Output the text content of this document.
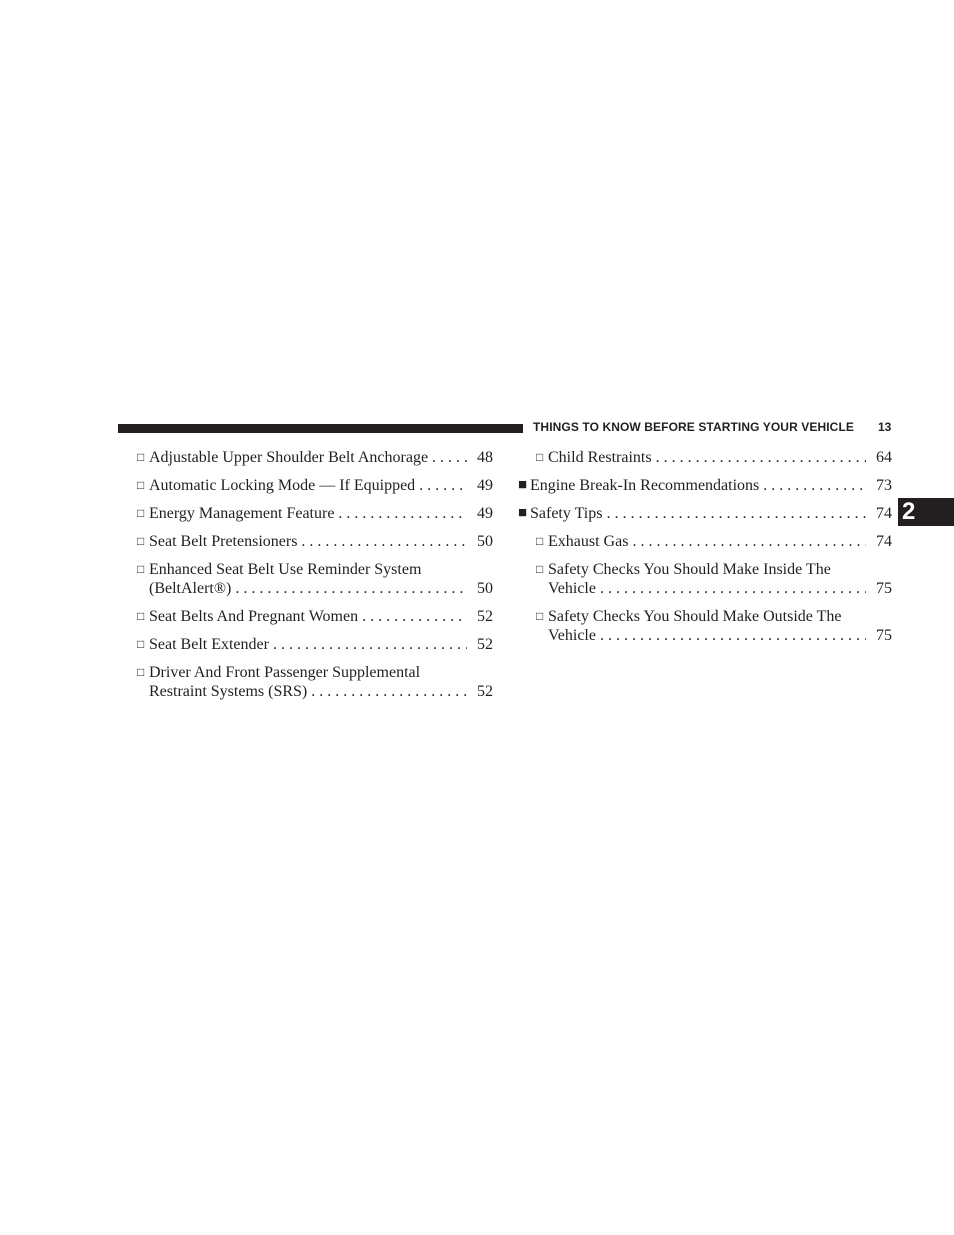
THINGS TO KNOW BEFORE STARTING YOUR VEHICLE 13
2
□ Adjustable Upper Shoulder Belt Anchorage . . .	48
□ Automatic Locking Mode — If Equipped . . .	49
□ Energy Management Feature . . .	49
□ Seat Belt Pretensioners . . .	50
□ Enhanced Seat Belt Use Reminder System
(BeltAlert®) . . .	50
□ Seat Belts And Pregnant Women . . .	52
□ Seat Belt Extender . . .	52
□ Driver And Front Passenger Supplemental
Restraint Systems (SRS) . . .	52
□ Child Restraints . . .	64
■ Engine Break-In Recommendations . . .	73
■ Safety Tips . . .	74
□ Exhaust Gas . . .	74
□ Safety Checks You Should Make Inside The
Vehicle . . .	75
□ Safety Checks You Should Make Outside The
Vehicle . . .	75
